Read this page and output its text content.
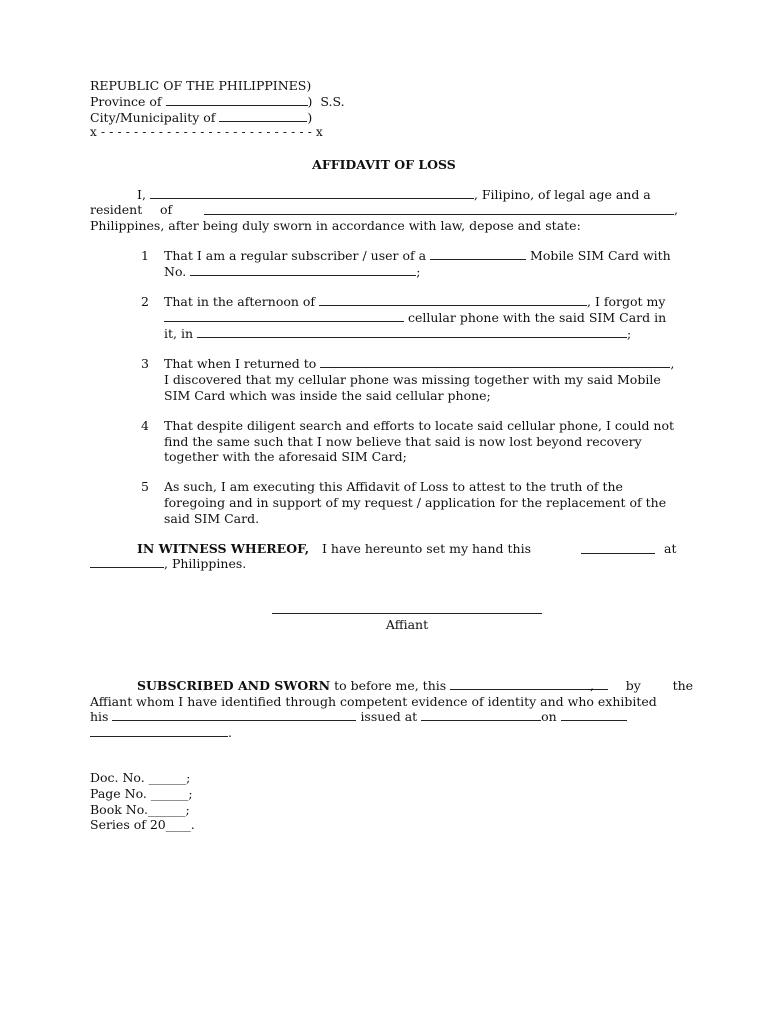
REPUBLIC OF THE PHILIPPINES)
Province of	) S.S.
City/Municipality of	)
x - - - - - - - - - - - - - - - - - - - - - - - - - - x
AFFIDAVIT OF LOSS
I,	, Filipino, of legal age and a
resident of	,
Philippines, after being duly sworn in accordance with law, depose and state:
1 That I am a regular subscriber / user of a	Mobile SIM Card with
No.	;
2 That in the afternoon of	, I forgot my
cellular phone with the said SIM Card in
it, in	;
3 That when I returned to	,
I discovered that my cellular phone was missing together with my said Mobile
SIM Card which was inside the said cellular phone;
4 That despite diligent search and efforts to locate said cellular phone, I could not
find the same such that I now believe that said is now lost beyond recovery
together with the aforesaid SIM Card;
5 As such, I am executing this Affidavit of Loss to attest to the truth of the
foregoing and in support of my request / application for the replacement of the
said SIM Card.
IN WITNESS WHEREOF, I have hereunto set my hand this	at
, Philippines.
Affiant
SUBSCRIBED AND SWORN to before me, this	,        by        the
Affiant whom I have identified through competent evidence of identity and who exhibited
his	issued at	on
.
Doc. No. ______;
Page No. ______;
Book No.______;
Series of 20____.
